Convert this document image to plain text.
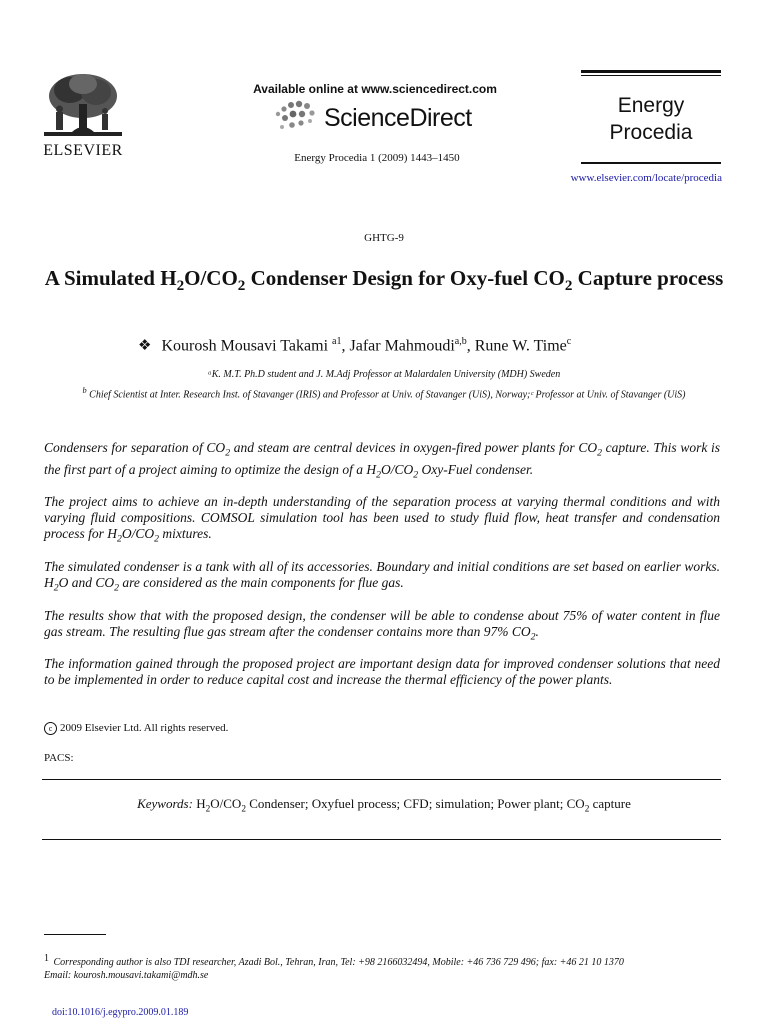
ELSEVIER
Available online at www.sciencedirect.com
ScienceDirect
Energy Procedia 1 (2009) 1443–1450
Energy
Procedia
www.elsevier.com/locate/procedia
GHTG-9
A Simulated $H_2O/CO_2$ Condenser Design for Oxy-fuel $CO_2$ Capture process
❖ Kourosh Mousavi Takami $^{a1}$, Jafar Mahmoudi$^{a,b}$, Rune W. Time$^c$
ᵃK. M.T. Ph.D student and J. M.Adj Professor at Malardalen University (MDH) Sweden
$^b$ Chief Scientist at Inter. Research Inst. of Stavanger (IRIS) and Professor at Univ. of Stavanger (UiS), Norway;ᶜ Professor at Univ. of Stavanger (UiS)

Condensers for separation of $CO_2$ and steam are central devices in oxygen-fired power plants for $CO_2$ capture. This work is the first part of a project aiming to optimize the design of a $H_2O/CO_2$ Oxy-Fuel condenser.

The project aims to achieve an in-depth understanding of the separation process at varying thermal conditions and with varying fluid compositions. COMSOL simulation tool has been used to study fluid flow, heat transfer and condensation process for $H_2O/CO_2$ mixtures.

The simulated condenser is a tank with all of its accessories. Boundary and initial conditions are set based on earlier works. $H_2O$ and $CO_2$ are considered as the main components for flue gas.

The results show that with the proposed design, the condenser will be able to condense about 75% of water content in flue gas stream. The resulting flue gas stream after the condenser contains more than 97% $CO_2$.

The information gained through the proposed project are important design data for improved condenser solutions that need to be implemented in order to reduce capital cost and increase the thermal efficiency of the power plants.

c 2009 Elsevier Ltd. All rights reserved.
PACS:
Keywords: $H_2O/CO_2$ Condenser; Oxyfuel process; CFD; simulation; Power plant; $CO_2$ capture
1 Corresponding author is also TDI researcher, Azadi Bol., Tehran, Iran, Tel: +98 2166032494, Mobile: +46 736 729 496; fax: +46 21 10 1370
Email: kourosh.mousavi.takami@mdh.se
doi:10.1016/j.egypro.2009.01.189
